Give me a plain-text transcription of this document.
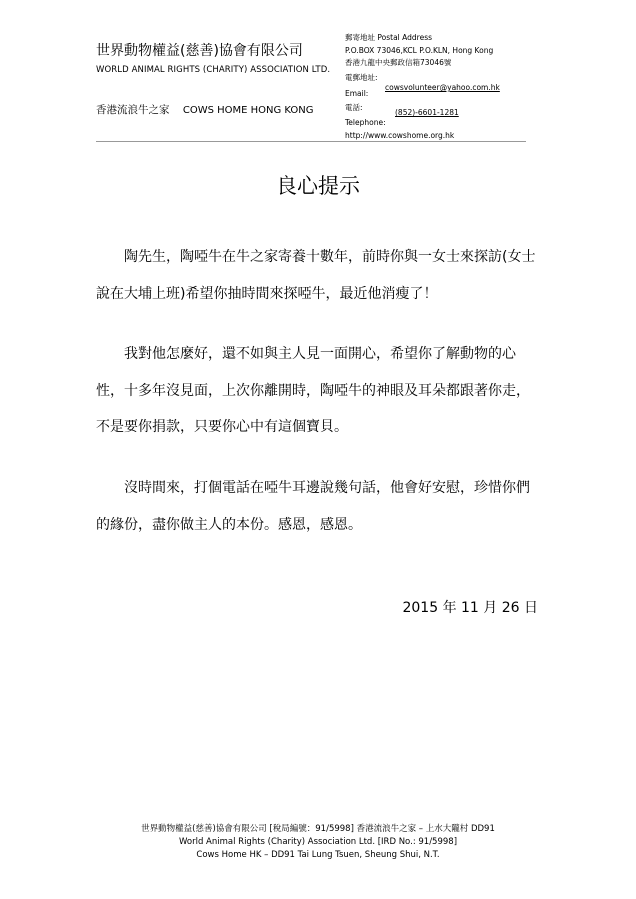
世界動物權益(慈善)協會有限公司
WORLD ANIMAL RIGHTS (CHARITY) ASSOCIATION LTD.
香港流浪牛之家 COWS HOME HONG KONG
郵寄地址 Postal Address
P.O.BOX 73046,KCL P.O.KLN, Hong Kong
香港九龍中央郵政信箱73046號
電郵地址:
cowsvolunteer@yahoo.com.hk
Email:
電話:
(852)-6601-1281
Telephone:
http://www.cowshome.org.hk
良心提示
陶先生，陶啞牛在牛之家寄養十數年，前時你與一女士來探訪(女士說在大埔上班)希望你抽時間來探啞牛，最近他消瘦了！
我對他怎麼好，還不如與主人見一面開心，希望你了解動物的心性，十多年沒見面，上次你離開時，陶啞牛的神眼及耳朵都跟著你走，不是要你捐款，只要你心中有這個寶貝。
沒時間來，打個電話在啞牛耳邊說幾句話，他會好安慰，珍惜你們的緣份，盡你做主人的本份。感恩，感恩。
2015 年 11 月 26 日
世界動物權益(慈善)協會有限公司 [稅局編號：91/5998] 香港流浪牛之家 – 上水大隴村 DD91
World Animal Rights (Charity) Association Ltd. [IRD No.: 91/5998]
Cows Home HK – DD91 Tai Lung Tsuen, Sheung Shui, N.T.
